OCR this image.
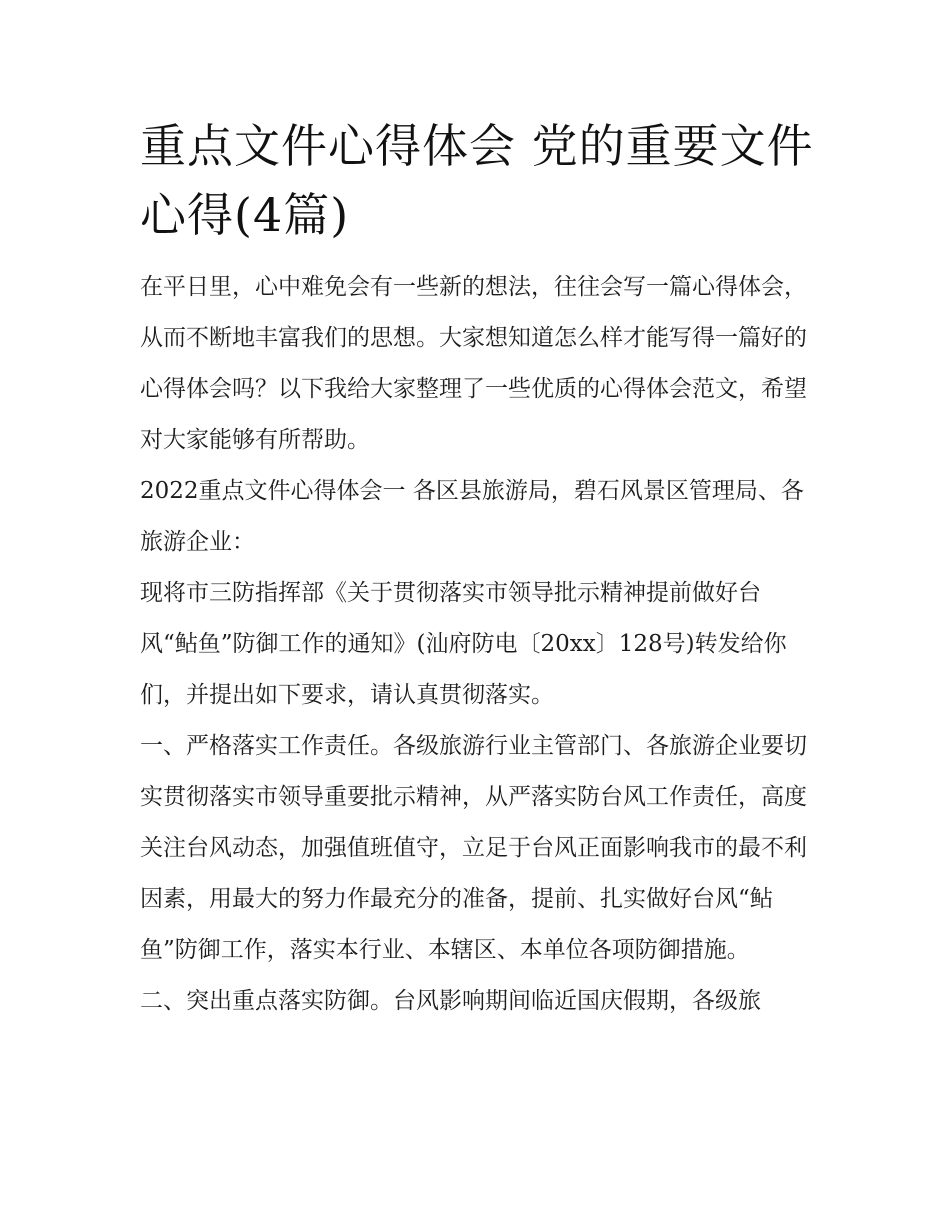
重点文件心得体会 党的重要文件心得(4篇)

在平日里，心中难免会有一些新的想法，往往会写一篇心得体会，从而不断地丰富我们的思想。大家想知道怎么样才能写得一篇好的心得体会吗？以下我给大家整理了一些优质的心得体会范文，希望对大家能够有所帮助。

2022重点文件心得体会一 各区县旅游局，碧石风景区管理局、各旅游企业：

现将市三防指挥部《关于贯彻落实市领导批示精神提前做好台风“鲇鱼”防御工作的通知》(汕府防电〔20xx〕128号)转发给你们，并提出如下要求，请认真贯彻落实。

一、严格落实工作责任。各级旅游行业主管部门、各旅游企业要切实贯彻落实市领导重要批示精神，从严落实防台风工作责任，高度关注台风动态，加强值班值守，立足于台风正面影响我市的最不利因素，用最大的努力作最充分的准备，提前、扎实做好台风“鲇鱼”防御工作，落实本行业、本辖区、本单位各项防御措施。

二、突出重点落实防御。台风影响期间临近国庆假期，各级旅
